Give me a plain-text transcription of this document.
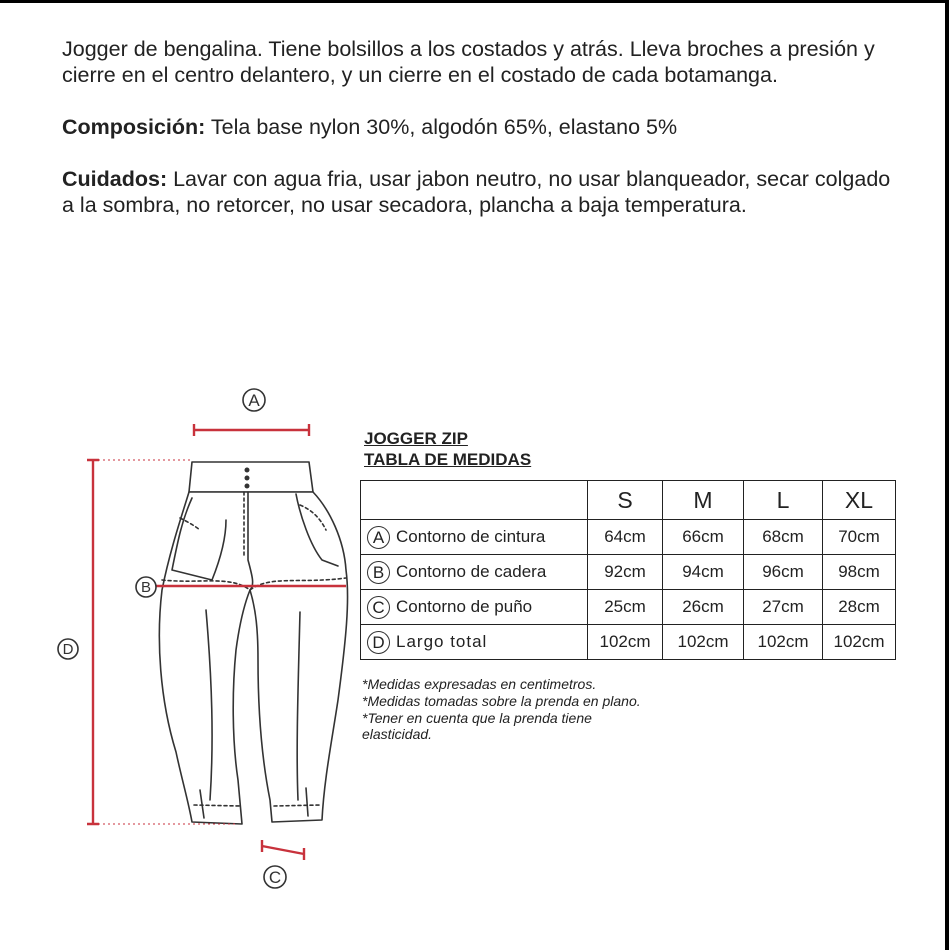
Jogger de bengalina. Tiene bolsillos a los costados y atrás. Lleva broches a presión y cierre en el centro delantero, y un cierre en el costado de cada botamanga.

Composición: Tela base nylon 30%, algodón 65%, elastano 5%

Cuidados: Lavar con agua fria, usar jabon neutro, no usar blanqueador, secar colgado a la sombra, no retorcer, no usar secadora, plancha a baja temperatura.

A
B
C
D
JOGGER ZIP
TABLA DE MEDIDAS
	S	M	L	XL
A Contorno de cintura	64cm	66cm	68cm	70cm
B Contorno de cadera	92cm	94cm	96cm	98cm
C Contorno de puño	25cm	26cm	27cm	28cm
D Largo total	102cm	102cm	102cm	102cm
*Medidas expresadas en centimetros.
*Medidas tomadas sobre la prenda en plano.
*Tener en cuenta que la prenda tiene elasticidad.
